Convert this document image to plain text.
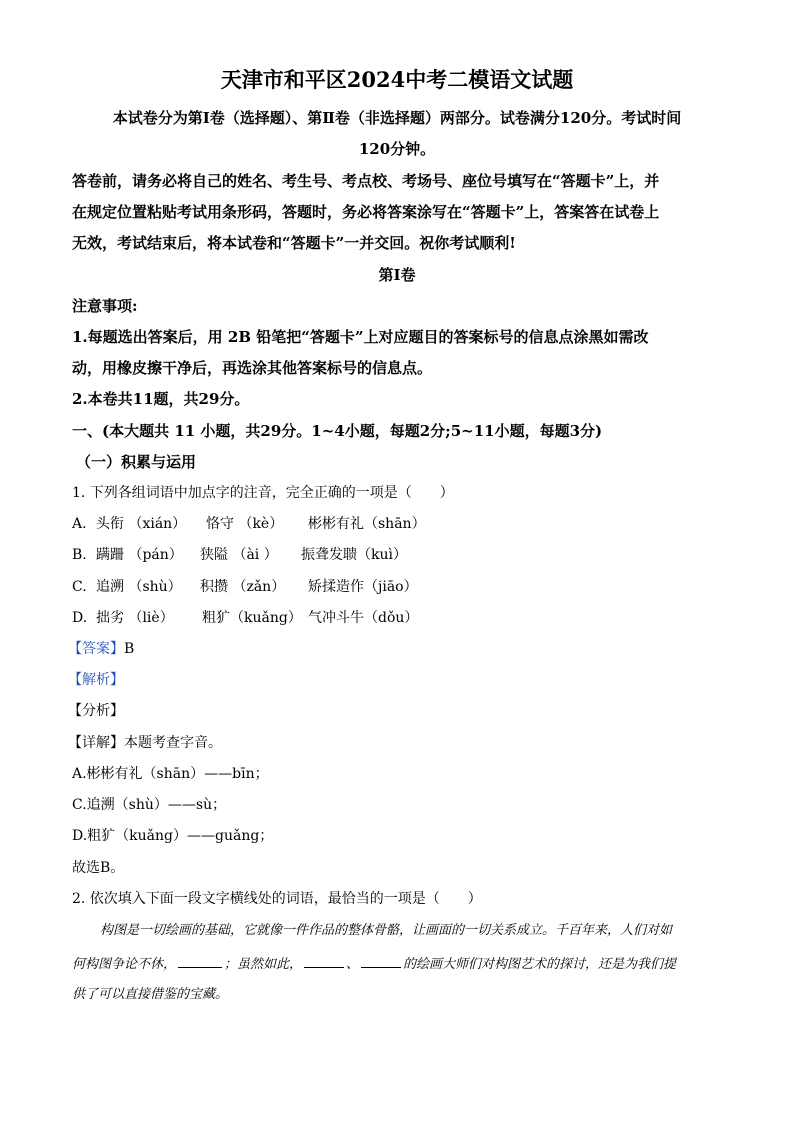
天津市和平区2024中考二模语文试题
本试卷分为第Ⅰ卷（选择题）、第Ⅱ卷（非选择题）两部分。试卷满分120分。考试时间
120分钟。
答卷前，请务必将自己的姓名、考生号、考点校、考场号、座位号填写在“答题卡”上，并
在规定位置粘贴考试用条形码，答题时，务必将答案涂写在“答题卡”上，答案答在试卷上
无效，考试结束后，将本试卷和“答题卡”一并交回。祝你考试顺利!
第Ⅰ卷
注意事项:
1.每题选出答案后，用 2B 铅笔把“答题卡”上对应题目的答案标号的信息点涂黑如需改
动，用橡皮擦干净后，再选涂其他答案标号的信息点。
2.本卷共11题，共29分。
一、(本大题共 11 小题，共29分。1~4小题，每题2分;5~11小题，每题3分)
（一）积累与运用
1. 下列各组词语中加点字的注音，完全正确的一项是（　　）
A. 头衔 （xián） 恪守 （kè） 彬彬有礼（shān）
B. 蹒跚 （pán） 狭隘 （ài ） 振聋发聩（kuì）
C. 追溯 （shù） 积攒 （zǎn） 矫揉造作（jiāo）
D. 拙劣 （liè） 粗犷（kuǎng） 气冲斗牛（dǒu）
【答案】B
【解析】
【分析】
【详解】本题考查字音。
A.彬彬有礼（shān）——bīn；
C.追溯（shù）——sù；
D.粗犷（kuǎng）——guǎng；
故选B。
2. 依次填入下面一段文字横线处的词语，最恰当的一项是（　　）
构图是一切绘画的基础，它就像一件作品的整体骨骼，让画面的一切关系成立。千百年来，人们对如
何构图争论不休，	；虽然如此，	、	的绘画大师们对构图艺术的探讨，还是为我们提
供了可以直接借鉴的宝藏。
